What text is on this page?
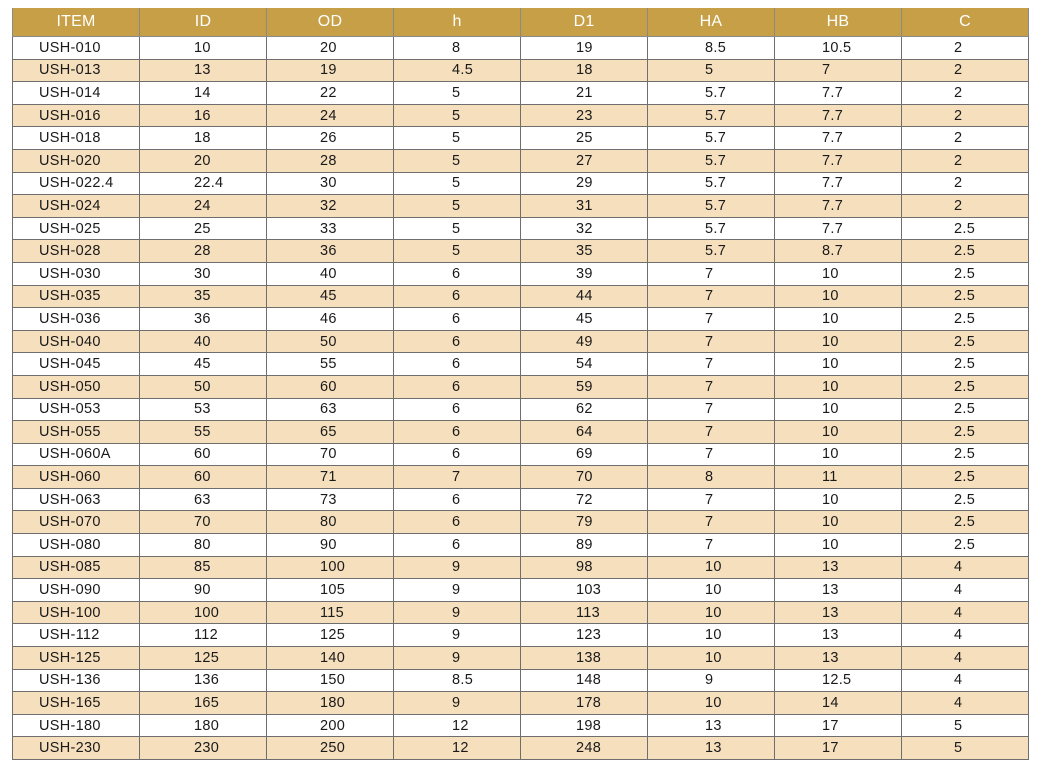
ITEM	ID	OD	h	D1	HA	HB	C
USH-010	10	20	8	19	8.5	10.5	2
USH-013	13	19	4.5	18	5	7	2
USH-014	14	22	5	21	5.7	7.7	2
USH-016	16	24	5	23	5.7	7.7	2
USH-018	18	26	5	25	5.7	7.7	2
USH-020	20	28	5	27	5.7	7.7	2
USH-022.4	22.4	30	5	29	5.7	7.7	2
USH-024	24	32	5	31	5.7	7.7	2
USH-025	25	33	5	32	5.7	7.7	2.5
USH-028	28	36	5	35	5.7	8.7	2.5
USH-030	30	40	6	39	7	10	2.5
USH-035	35	45	6	44	7	10	2.5
USH-036	36	46	6	45	7	10	2.5
USH-040	40	50	6	49	7	10	2.5
USH-045	45	55	6	54	7	10	2.5
USH-050	50	60	6	59	7	10	2.5
USH-053	53	63	6	62	7	10	2.5
USH-055	55	65	6	64	7	10	2.5
USH-060A	60	70	6	69	7	10	2.5
USH-060	60	71	7	70	8	11	2.5
USH-063	63	73	6	72	7	10	2.5
USH-070	70	80	6	79	7	10	2.5
USH-080	80	90	6	89	7	10	2.5
USH-085	85	100	9	98	10	13	4
USH-090	90	105	9	103	10	13	4
USH-100	100	115	9	113	10	13	4
USH-112	112	125	9	123	10	13	4
USH-125	125	140	9	138	10	13	4
USH-136	136	150	8.5	148	9	12.5	4
USH-165	165	180	9	178	10	14	4
USH-180	180	200	12	198	13	17	5
USH-230	230	250	12	248	13	17	5
